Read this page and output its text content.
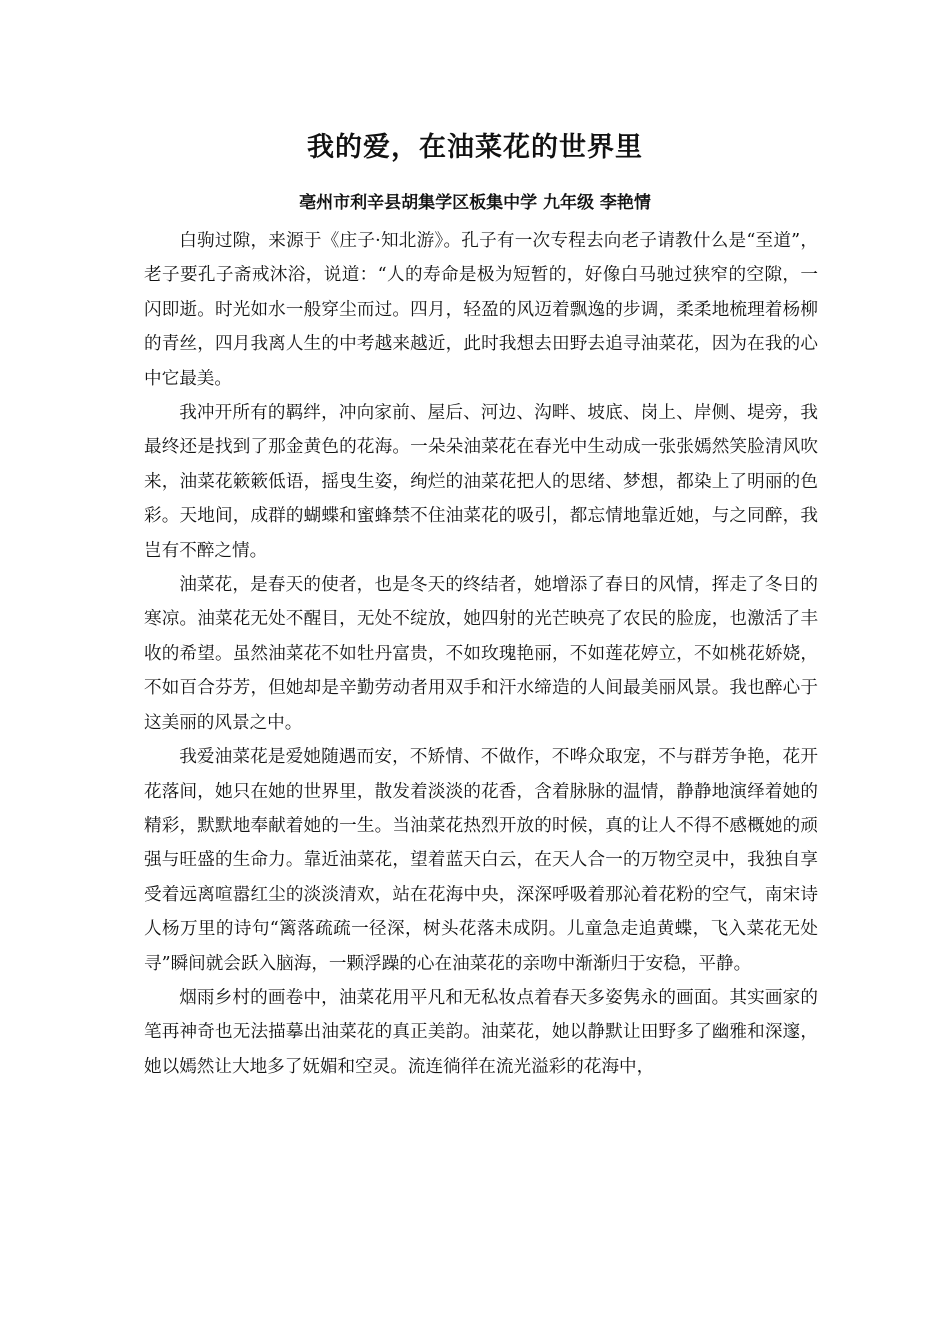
我的爱，在油菜花的世界里
亳州市利辛县胡集学区板集中学 九年级 李艳情

白驹过隙，来源于《庄子·知北游》。孔子有一次专程去向老子请教什么是“至道”，老子要孔子斋戒沐浴，说道：“人的寿命是极为短暂的，好像白马驰过狭窄的空隙，一闪即逝。时光如水一般穿尘而过。四月，轻盈的风迈着飘逸的步调，柔柔地梳理着杨柳的青丝，四月我离人生的中考越来越近，此时我想去田野去追寻油菜花，因为在我的心中它最美。

我冲开所有的羁绊，冲向家前、屋后、河边、沟畔、坡底、岗上、岸侧、堤旁，我最终还是找到了那金黄色的花海。一朵朵油菜花在春光中生动成一张张嫣然笑脸清风吹来，油菜花簌簌低语，摇曳生姿，绚烂的油菜花把人的思绪、梦想，都染上了明丽的色彩。天地间，成群的蝴蝶和蜜蜂禁不住油菜花的吸引，都忘情地靠近她，与之同醉，我岂有不醉之情。

油菜花，是春天的使者，也是冬天的终结者，她增添了春日的风情，挥走了冬日的寒凉。油菜花无处不醒目，无处不绽放，她四射的光芒映亮了农民的脸庞，也激活了丰收的希望。虽然油菜花不如牡丹富贵，不如玫瑰艳丽，不如莲花婷立，不如桃花娇娆，不如百合芬芳，但她却是辛勤劳动者用双手和汗水缔造的人间最美丽风景。我也醉心于这美丽的风景之中。

我爱油菜花是爱她随遇而安，不矫情、不做作，不哗众取宠，不与群芳争艳，花开花落间，她只在她的世界里，散发着淡淡的花香，含着脉脉的温情，静静地演绎着她的精彩，默默地奉献着她的一生。当油菜花热烈开放的时候，真的让人不得不感概她的顽强与旺盛的生命力。靠近油菜花，望着蓝天白云，在天人合一的万物空灵中，我独自享受着远离喧嚣红尘的淡淡清欢，站在花海中央，深深呼吸着那沁着花粉的空气，南宋诗人杨万里的诗句“篱落疏疏一径深，树头花落未成阴。儿童急走追黄蝶，飞入菜花无处寻”瞬间就会跃入脑海，一颗浮躁的心在油菜花的亲吻中渐渐归于安稳，平静。

烟雨乡村的画卷中，油菜花用平凡和无私妆点着春天多姿隽永的画面。其实画家的笔再神奇也无法描摹出油菜花的真正美韵。油菜花，她以静默让田野多了幽雅和深邃，她以嫣然让大地多了妩媚和空灵。流连徜徉在流光溢彩的花海中，
